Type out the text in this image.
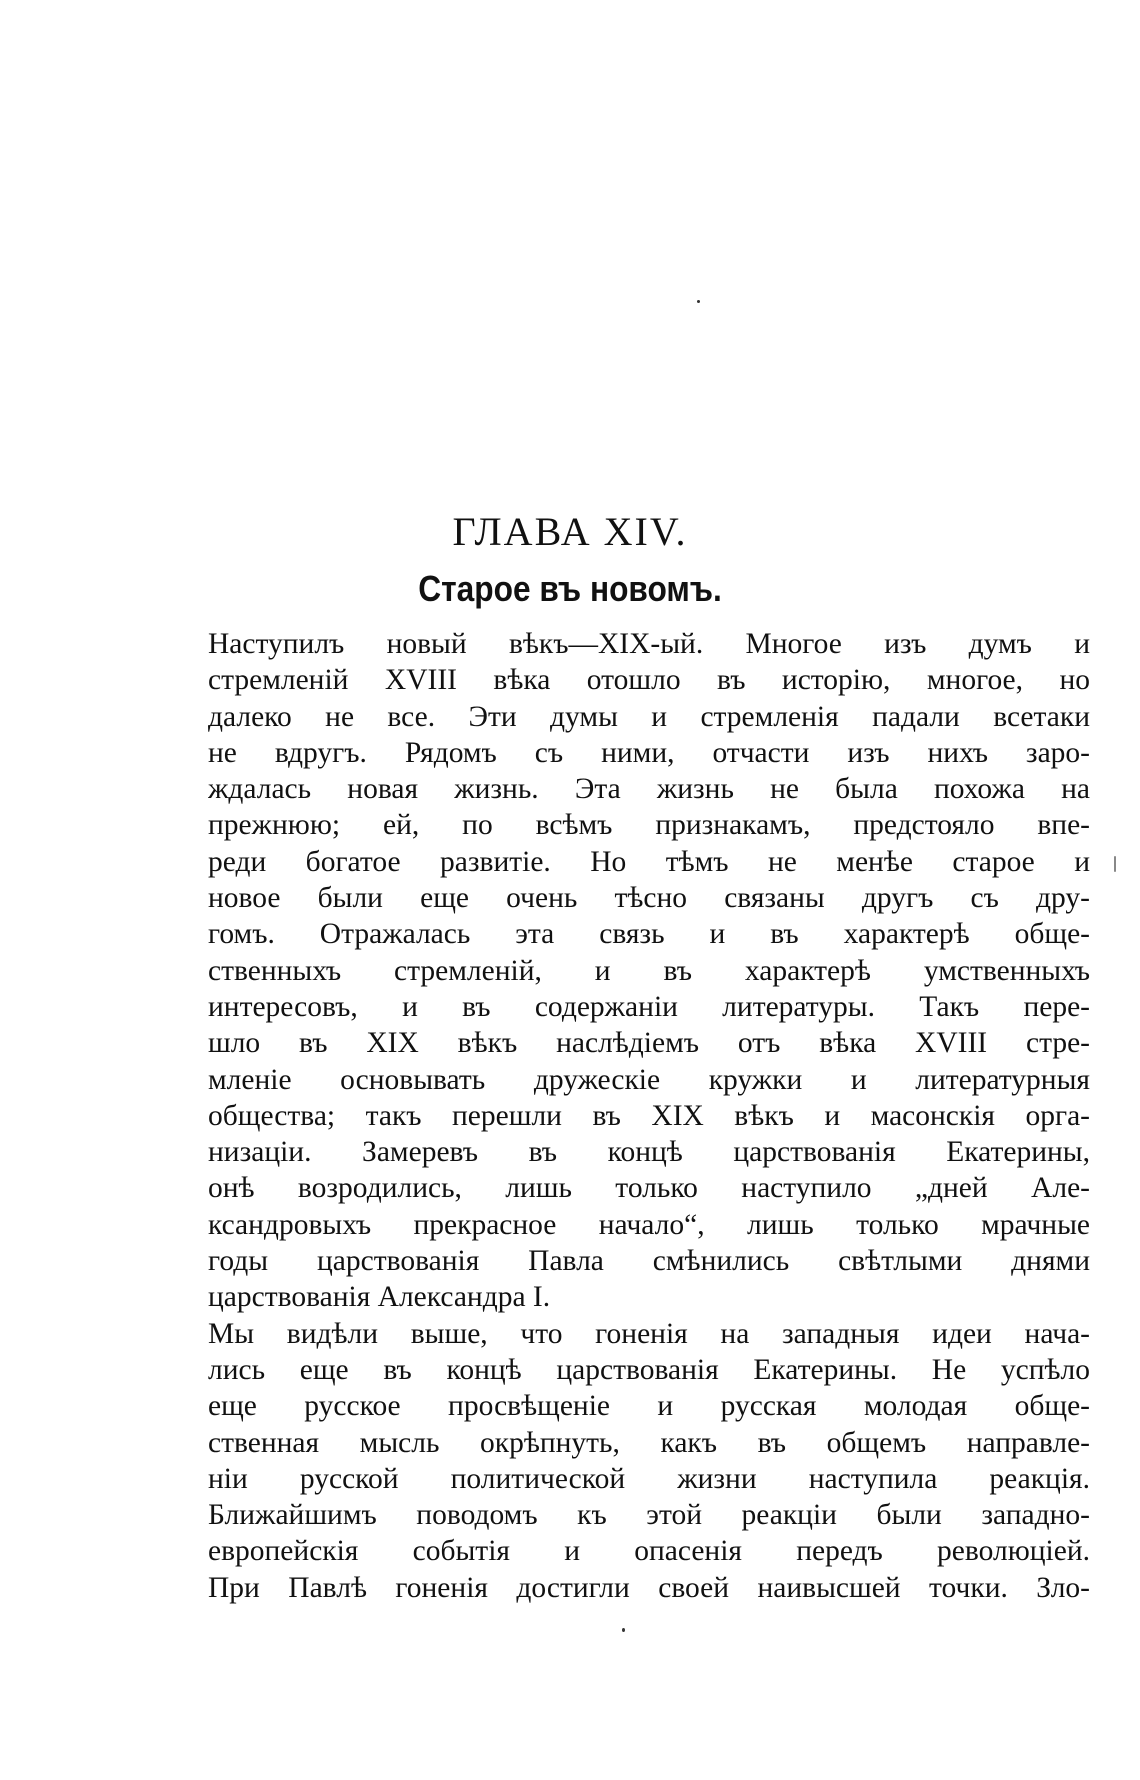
ГЛАВА XIV.
Старое въ новомъ.
Наступилъ новый вѣкъ—XIX-ый. Многое изъ думъ и
стремленій XVIII вѣка отошло въ исторію, многое, но
далеко не все. Эти думы и стремленія падали всетаки
не вдругъ. Рядомъ съ ними, отчасти изъ нихъ заро-
ждалась новая жизнь. Эта жизнь не была похожа на
прежнюю; ей, по всѣмъ признакамъ, предстояло впе-
реди богатое развитіе. Но тѣмъ не менѣе старое и
новое были еще очень тѣсно связаны другъ съ дру-
гомъ. Отражалась эта связь и въ характерѣ обще-
ственныхъ стремленій, и въ характерѣ умственныхъ
интересовъ, и въ содержаніи литературы. Такъ пере-
шло въ XIX вѣкъ наслѣдіемъ отъ вѣка XVIII стре-
мленіе основывать дружескіе кружки и литературныя
общества; такъ перешли въ XIX вѣкъ и масонскія орга-
низаціи. Замеревъ въ концѣ царствованія Екатерины,
онѣ возродились, лишь только наступило „дней Але-
ксандровыхъ прекрасное начало“, лишь только мрачные
годы царствованія Павла смѣнились свѣтлыми днями
царствованія Александра I.
Мы видѣли выше, что гоненія на западныя идеи нача-
лись еще въ концѣ царствованія Екатерины. Не успѣло
еще русское просвѣщеніе и русская молодая обще-
ственная мысль окрѣпнуть, какъ въ общемъ направле-
ніи русской политической жизни наступила реакція.
Ближайшимъ поводомъ къ этой реакціи были западно-
европейскія событія и опасенія передъ революціей.
При Павлѣ гоненія достигли своей наивысшей точки. Зло-
